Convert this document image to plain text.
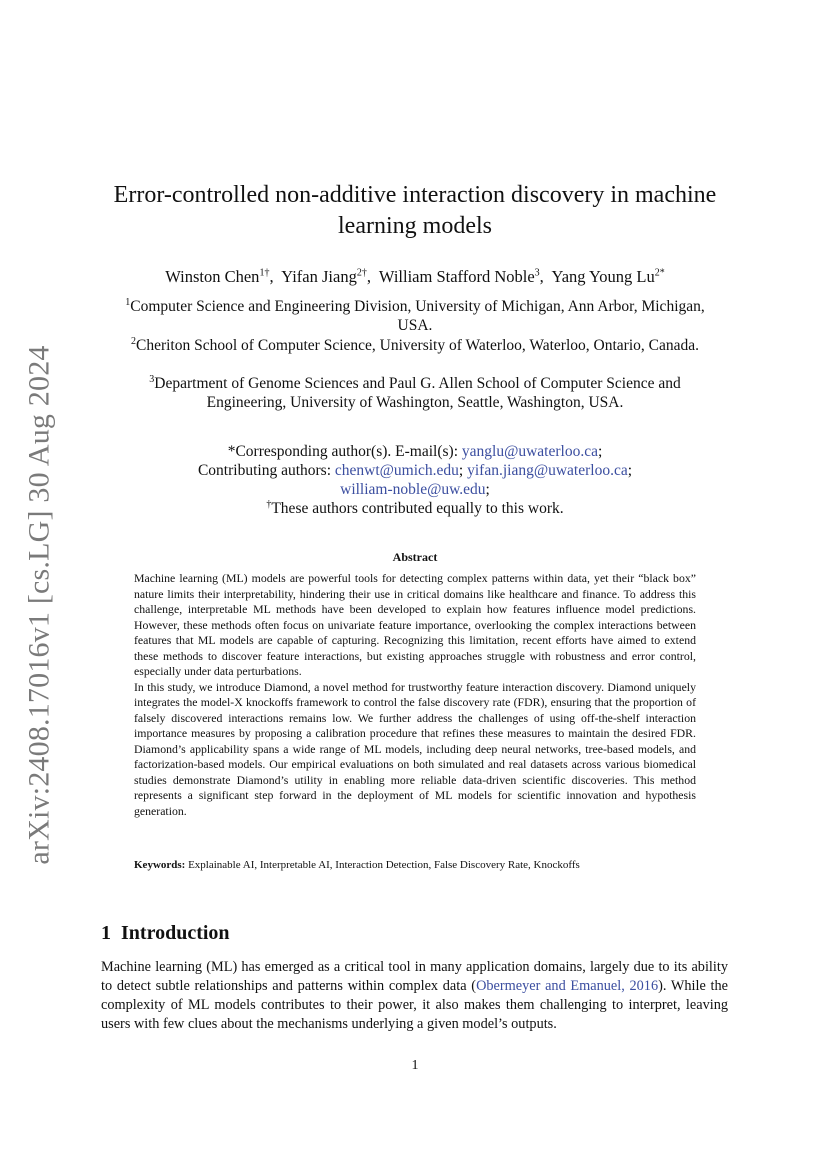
arXiv:2408.17016v1 [cs.LG] 30 Aug 2024
Error-controlled non-additive interaction discovery in machine learning models
Winston Chen$^{1\dagger}$,  Yifan Jiang$^{2\dagger}$,  William Stafford Noble$^3$,  Yang Young $Lu^{2*}$
$^1$Computer Science and Engineering Division, University of Michigan, Ann Arbor, Michigan, USA.
$^2$Cheriton School of Computer Science, University of Waterloo, Waterloo, Ontario, Canada.
$^3$Department of Genome Sciences and Paul G. Allen School of Computer Science and Engineering, University of Washington, Seattle, Washington, USA.
*Corresponding author(s). E-mail(s): yanglu@uwaterloo.ca;
Contributing authors: chenwt@umich.edu; yifan.jiang@uwaterloo.ca;
william-noble@uw.edu;
†These authors contributed equally to this work.
Abstract

Machine learning (ML) models are powerful tools for detecting complex patterns within data, yet their “black box” nature limits their interpretability, hindering their use in critical domains like healthcare and finance. To address this challenge, interpretable ML methods have been developed to explain how features influence model predictions. However, these methods often focus on univariate feature importance, overlooking the complex interactions between features that ML models are capable of capturing. Recognizing this limitation, recent efforts have aimed to extend these methods to discover feature interactions, but existing approaches struggle with robustness and error control, especially under data perturbations.

In this study, we introduce Diamond, a novel method for trustworthy feature interaction discovery. Diamond uniquely integrates the model-X knockoffs framework to control the false discovery rate (FDR), ensuring that the proportion of falsely discovered interactions remains low. We further address the challenges of using off-the-shelf interaction importance measures by proposing a calibration procedure that refines these measures to maintain the desired FDR. Diamond’s applicability spans a wide range of ML models, including deep neural networks, tree-based models, and factorization-based models. Our empirical evaluations on both simulated and real datasets across various biomedical studies demonstrate Diamond’s utility in enabling more reliable data-driven scientific discoveries. This method represents a significant step forward in the deployment of ML models for scientific innovation and hypothesis generation.

Keywords: Explainable AI, Interpretable AI, Interaction Detection, False Discovery Rate, Knockoffs
1 Introduction

Machine learning (ML) has emerged as a critical tool in many application domains, largely due to its ability to detect subtle relationships and patterns within complex data (Obermeyer and Emanuel, 2016). While the complexity of ML models contributes to their power, it also makes them challenging to interpret, leaving users with few clues about the mechanisms underlying a given model’s outputs.

1
